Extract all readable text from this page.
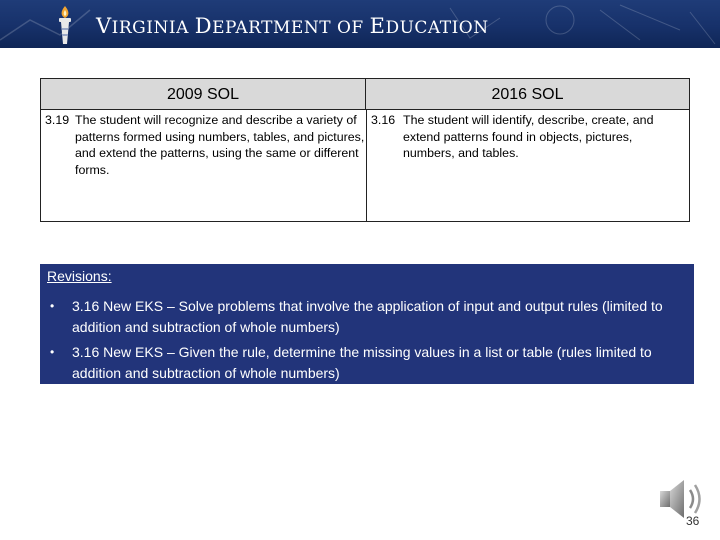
VIRGINIA DEPARTMENT OF EDUCATION
2009 SOL	2016 SOL
3.19 The student will recognize and describe a variety of patterns formed using numbers, tables, and pictures, and extend the patterns, using the same or different forms.
3.16 The student will identify, describe, create, and extend patterns found in objects, pictures, numbers, and tables.
Revisions:
• 3.16 New EKS – Solve problems that involve the application of input and output rules (limited to addition and subtraction of whole numbers)
• 3.16 New EKS – Given the rule, determine the missing values in a list or table (rules limited to addition and subtraction of whole numbers)
36
